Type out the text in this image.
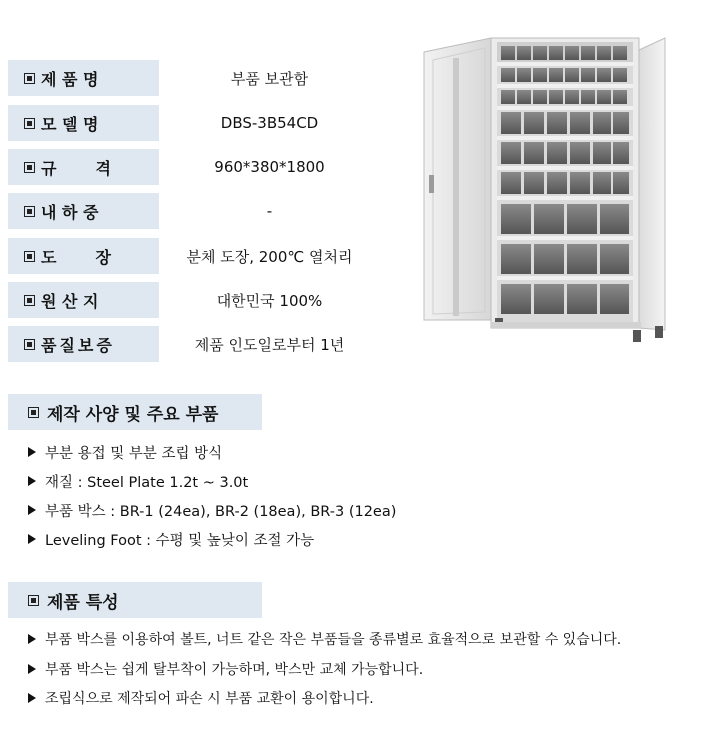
제 품 명	부품 보관함
모 델 명	DBS-3B54CD
규       격	960*380*1800
내 하 중	-
도       장	분체 도장, 200℃ 열처리
원 산 지	대한민국 100%
품질보증	제품 인도일로부터 1년
제작 사양 및 주요 부품
부분 용접 및 부분 조립 방식
재질 : Steel Plate 1.2t ~ 3.0t
부품 박스 : BR-1 (24ea), BR-2 (18ea), BR-3 (12ea)
Leveling Foot : 수평 및 높낮이 조절 가능
제품 특성
부품 박스를 이용하여 볼트, 너트 같은 작은 부품들을 종류별로 효율적으로 보관할 수 있습니다.
부품 박스는 쉽게 탈부착이 가능하며, 박스만 교체 가능합니다.
조립식으로 제작되어 파손 시 부품 교환이 용이합니다.
